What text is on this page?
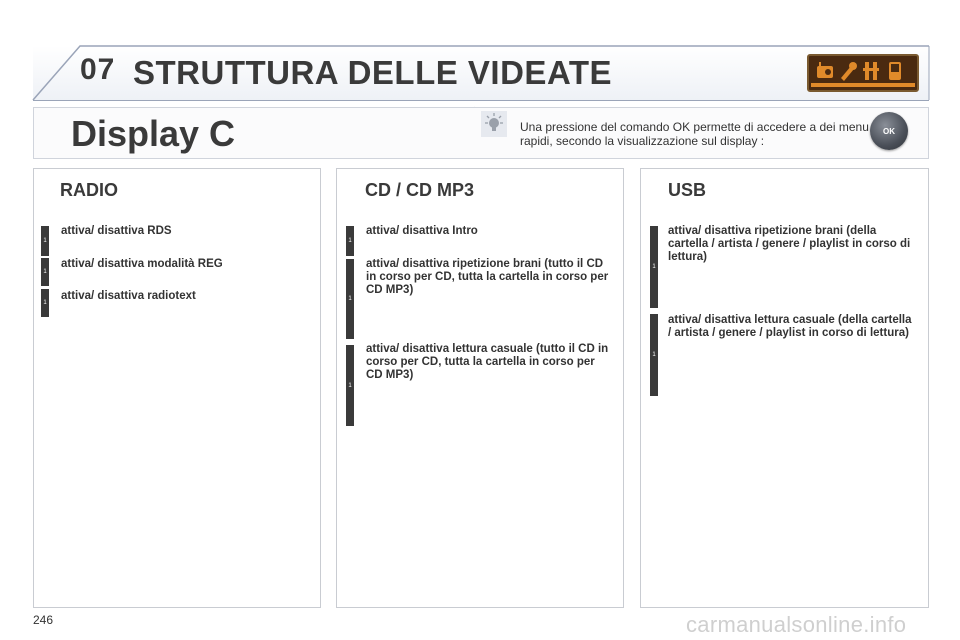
07 STRUTTURA DELLE VIDEATE
Display C	Una pressione del comando OK permette di accedere a dei menu rapidi, secondo la visualizzazione sul display :
OK
RADIO
1
attiva/ disattiva RDS
1
attiva/ disattiva modalità REG
1
attiva/ disattiva radiotext
CD / CD MP3
1
attiva/ disattiva Intro
1
attiva/ disattiva ripetizione brani (tutto il CD in corso per CD, tutta la cartella in corso per CD MP3)
1
attiva/ disattiva lettura casuale (tutto il CD in corso per CD, tutta la cartella in corso per CD MP3)
USB
1
attiva/ disattiva ripetizione brani (della cartella / artista / genere / playlist in corso di lettura)
1
attiva/ disattiva lettura casuale (della cartella / artista / genere / playlist in corso di lettura)
246	carmanualsonline.info
